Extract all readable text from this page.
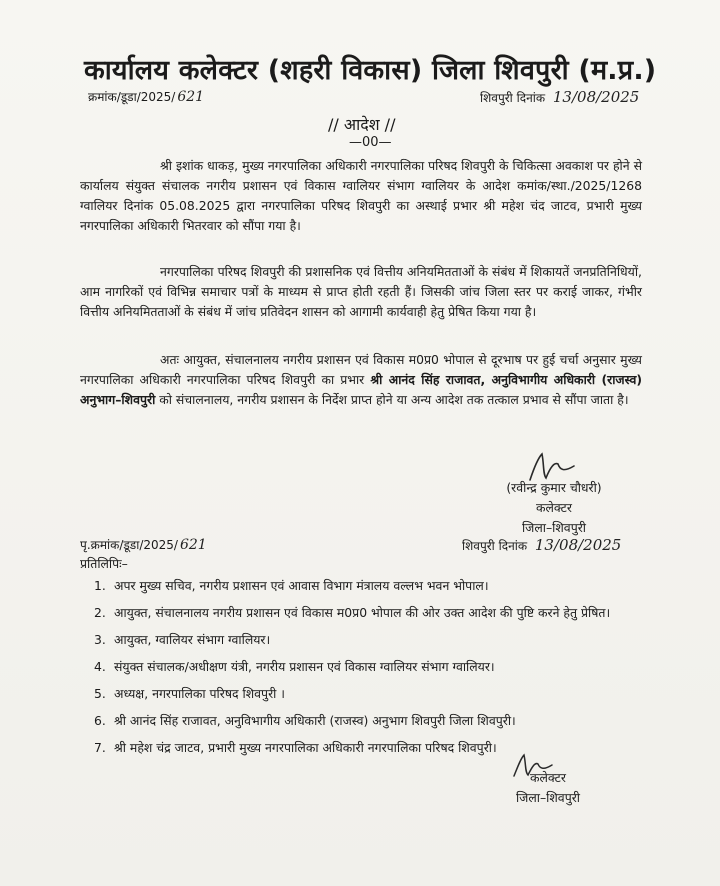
कार्यालय कलेक्टर (शहरी विकास) जिला शिवपुरी (म.प्र.)
क्रमांक/डूडा/2025/ 621	शिवपुरी दिनांक 13/08/2025
// आदेश //
—00—
श्री इशांक धाकड़, मुख्य नगरपालिका अधिकारी नगरपालिका परिषद शिवपुरी के चिकित्सा अवकाश पर होने से कार्यालय संयुक्त संचालक नगरीय प्रशासन एवं विकास ग्वालियर संभाग ग्वालियर के आदेश कमांक/स्था./2025/1268 ग्वालियर दिनांक 05.08.2025 द्वारा नगरपालिका परिषद शिवपुरी का अस्थाई प्रभार श्री महेश चंद जाटव, प्रभारी मुख्य नगरपालिका अधिकारी भितरवार को सौंपा गया है।
नगरपालिका परिषद शिवपुरी की प्रशासनिक एवं वित्तीय अनियमितताओं के संबंध में शिकायतें जनप्रतिनिधियों, आम नागरिकों एवं विभिन्न समाचार पत्रों के माध्यम से प्राप्त होती रहती हैं। जिसकी जांच जिला स्तर पर कराई जाकर, गंभीर वित्तीय अनियमितताओं के संबंध में जांच प्रतिवेदन शासन को आगामी कार्यवाही हेतु प्रेषित किया गया है।
अतः आयुक्त, संचालनालय नगरीय प्रशासन एवं विकास म0प्र0 भोपाल से दूरभाष पर हुई चर्चा अनुसार मुख्य नगरपालिका अधिकारी नगरपालिका परिषद शिवपुरी का प्रभार श्री आनंद सिंह राजावत, अनुविभागीय अधिकारी (राजस्व) अनुभाग–शिवपुरी को संचालनालय, नगरीय प्रशासन के निर्देश प्राप्त होने या अन्य आदेश तक तत्काल प्रभाव से सौंपा जाता है।
(रवीन्द्र कुमार चौधरी)
कलेक्टर
जिला–शिवपुरी
पृ.क्रमांक/डूडा/2025/ 621	शिवपुरी दिनांक 13/08/2025
प्रतिलिपिः–
1. अपर मुख्य सचिव, नगरीय प्रशासन एवं आवास विभाग मंत्रालय वल्लभ भवन भोपाल।
2. आयुक्त, संचालनालय नगरीय प्रशासन एवं विकास म0प्र0 भोपाल की ओर उक्त आदेश की पुष्टि करने हेतु प्रेषित।
3. आयुक्त, ग्वालियर संभाग ग्वालियर।
4. संयुक्त संचालक/अधीक्षण यंत्री, नगरीय प्रशासन एवं विकास ग्वालियर संभाग ग्वालियर।
5. अध्यक्ष, नगरपालिका परिषद शिवपुरी ।
6. श्री आनंद सिंह राजावत, अनुविभागीय अधिकारी (राजस्व) अनुभाग शिवपुरी जिला शिवपुरी।
7. श्री महेश चंद्र जाटव, प्रभारी मुख्य नगरपालिका अधिकारी नगरपालिका परिषद शिवपुरी।
कलेक्टर
जिला–शिवपुरी
